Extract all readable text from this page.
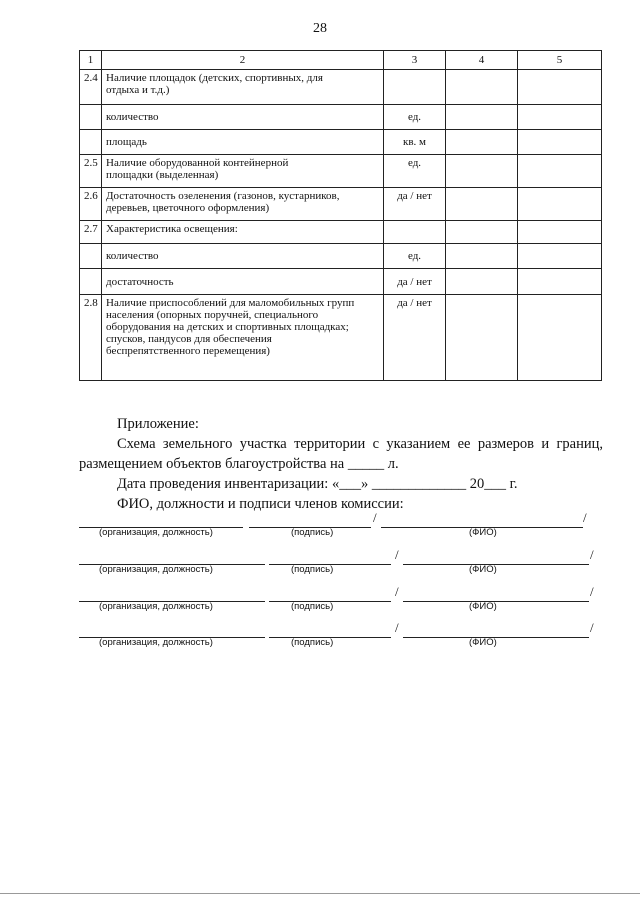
28
1	2	3	4	5
2.4	Наличие площадок (детских, спортивных, для отдыха и т.д.)			
	количество	ед.		
	площадь	кв. м		
2.5	Наличие оборудованной контейнерной площадки (выделенная)	ед.		
2.6	Достаточность озеленения (газонов, кустарников, деревьев, цветочного оформления)	да / нет		
2.7	Характеристика освещения:			
	количество	ед.		
	достаточность	да / нет		
2.8	Наличие приспособлений для маломобильных групп населения (опорных поручней, специального оборудования на детских и спортивных площадках; спусков, пандусов для обеспечения беспрепятственного перемещения)	да / нет		

Приложение:

Схема земельного участка территории с указанием ее размеров и границ,

размещением объектов благоустройства на _____ л.

Дата проведения инвентаризации: «___» _____________ 20___ г.

ФИО, должности и подписи членов комиссии:

/	/
(организация, должность)	(подпись)	(ФИО)
/	/
(организация, должность)	(подпись)	(ФИО)
/	/
(организация, должность)	(подпись)	(ФИО)
/	/
(организация, должность)	(подпись)	(ФИО)
